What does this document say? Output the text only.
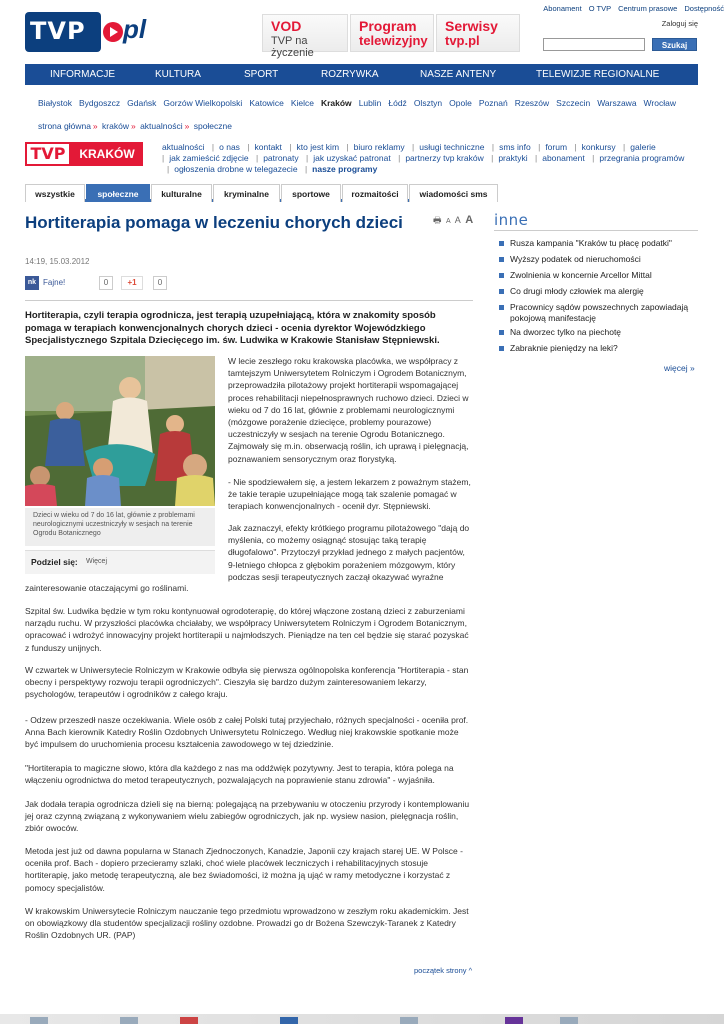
TVP pl	VOD
TVP na życzenie
Program
telewizyjny
Serwisy
tvp.pl
Abonament O TVP Centrum prasowe Dostępność
Zaloguj się
Szukaj
INFORMACJE	KULTURA	SPORT	ROZRYWKA	NASZE ANTENY	TELEWIZJE REGIONALNE
Białystok Bydgoszcz Gdańsk Gorzów Wielkopolski Katowice Kielce Kraków Lublin Łódź Olsztyn Opole Poznań Rzeszów Szczecin Warszawa Wrocław
strona główna » kraków » aktualności » społeczne
TVP	KRAKÓW	aktualności | o nas | kontakt | kto jest kim | biuro reklamy | usługi techniczne | sms info | forum | konkursy | galerie | jak zamieścić zdjęcie | patronaty | jak uzyskać patronat | partnerzy tvp kraków | praktyki | abonament | przegrania programów | ogłoszenia drobne w telegazecie | nasze programy
wszystkie	społeczne	kulturalne	kryminalne	sportowe	rozmaitości	wiadomości sms
Hortiterapia pomaga w leczeniu chorych dzieci	🖶 A A A
14:19, 15.03.2012
nk Fajne!	0	+1	0

Hortiterapia, czyli terapia ogrodnicza, jest terapią uzupełniającą, która w znakomity sposób pomaga w terapiach konwencjonalnych chorych dzieci - ocenia dyrektor Wojewódzkiego Specjalistycznego Szpitala Dziecięcego im. św. Ludwika w Krakowie Stanisław Stępniewski.

Dzieci w wieku od 7 do 16 lat, głównie z problemami neurologicznymi uczestniczyły w sesjach na terenie Ogrodu Botanicznego
Podziel się: Więcej

W lecie zeszłego roku krakowska placówka, we współpracy z tamtejszym Uniwersytetem Rolniczym i Ogrodem Botanicznym, przeprowadziła pilotażowy projekt hortiterapii wspomagającej proces rehabilitacji niepełnosprawnych ruchowo dzieci. Dzieci w wieku od 7 do 16 lat, głównie z problemami neurologicznymi (mózgowe porażenie dziecięce, problemy pourazowe) uczestniczyły w sesjach na terenie Ogrodu Botanicznego. Zajmowały się m.in. obserwacją roślin, ich uprawą i pielęgnacją, poznawaniem sensorycznym oraz florystyką.

- Nie spodziewałem się, a jestem lekarzem z poważnym stażem, że takie terapie uzupełniające mogą tak szalenie pomagać w terapiach konwencjonalnych - ocenił dyr. Stępniewski.

Jak zaznaczył, efekty krótkiego programu pilotażowego "dają do myślenia, co możemy osiągnąć stosując taką terapię długofalowo". Przytoczył przykład jednego z małych pacjentów, 9-letniego chłopca z głębokim porażeniem mózgowym, który podczas sesji terapeutycznych zaczął okazywać wyraźne

zainteresowanie otaczającymi go roślinami.

Szpital św. Ludwika będzie w tym roku kontynuował ogrodoterapię, do której włączone zostaną dzieci z zaburzeniami narządu ruchu. W przyszłości placówka chciałaby, we współpracy Uniwersytetem Rolniczym i Ogrodem Botanicznym, opracować i wdrożyć innowacyjny projekt hortiterapii u najmłodszych. Pieniądze na ten cel będzie się starać pozyskać z funduszy unijnych.

W czwartek w Uniwersytecie Rolniczym w Krakowie odbyła się pierwsza ogólnopolska konferencja "Hortiterapia - stan obecny i perspektywy rozwoju terapii ogrodniczych". Cieszyła się bardzo dużym zainteresowaniem lekarzy, psychologów, terapeutów i ogrodników z całego kraju.

- Odzew przeszedł nasze oczekiwania. Wiele osób z całej Polski tutaj przyjechało, różnych specjalności - oceniła prof. Anna Bach kierownik Katedry Roślin Ozdobnych Uniwersytetu Rolniczego. Według niej krakowskie spotkanie może być impulsem do uruchomienia procesu kształcenia zawodowego w tej dziedzinie.

"Hortiterapia to magiczne słowo, która dla każdego z nas ma oddźwięk pozytywny. Jest to terapia, która polega na włączeniu ogrodnictwa do metod terapeutycznych, pozwalających na poprawienie stanu zdrowia" - wyjaśniła.

Jak dodała terapia ogrodnicza dzieli się na bierną: polegającą na przebywaniu w otoczeniu przyrody i kontemplowaniu jej oraz czynną związaną z wykonywaniem wielu zabiegów ogrodniczych, jak np. wysiew nasion, pielęgnacja roślin, zbiór owoców.

Metoda jest już od dawna popularna w Stanach Zjednoczonych, Kanadzie, Japonii czy krajach starej UE. W Polsce - oceniła prof. Bach - dopiero przecieramy szlaki, choć wiele placówek leczniczych i rehabilitacyjnych stosuje hortiterapię, jako metodę terapeutyczną, ale bez świadomości, iż można ją ująć w ramy metodyczne i korzystać z pomocy specjalistów.

W krakowskim Uniwersytecie Rolniczym nauczanie tego przedmiotu wprowadzono w zeszłym roku akademickim. Jest on obowiązkowy dla studentów specjalizacji rośliny ozdobne. Prowadzi go dr Bożena Szewczyk-Taranek z Katedry Roślin Ozdobnych UR. (PAP)

początek strony ^
inne
Rusza kampania "Kraków tu płacę podatki"
Wyższy podatek od nieruchomości
Zwolnienia w koncernie Arcellor Mittal
Co drugi młody człowiek ma alergię
Pracownicy sądów powszechnych zapowiadają pokojową manifestację
Na dworzec tylko na piechotę
Zabraknie pieniędzy na leki?
więcej »
